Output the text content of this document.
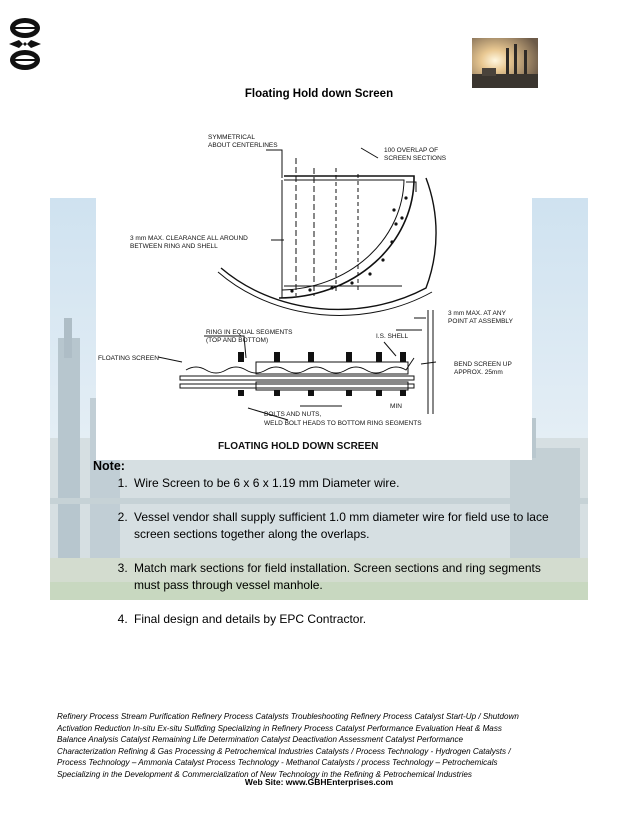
Floating Hold down Screen
SYMMETRICAL
ABOUT CENTERLINES
100 OVERLAP OF
SCREEN SECTIONS
3 mm MAX. CLEARANCE ALL AROUND
BETWEEN RING AND SHELL
3 mm MAX. AT ANY
POINT AT ASSEMBLY
RING IN EQUAL SEGMENTS
(TOP AND BOTTOM)
I.S. SHELL
FLOATING SCREEN
BEND SCREEN UP
APPROX. 25mm
MIN
BOLTS AND NUTS,
WELD BOLT HEADS TO BOTTOM RING SEGMENTS
FLOATING HOLD DOWN SCREEN

Note:

1. Wire Screen to be 6 x 6 x 1.19 mm Diameter wire.
2. Vessel vendor shall supply sufficient 1.0 mm diameter wire for field use to lace screen sections together along the overlaps.
3. Match mark sections for field installation. Screen sections and ring segments must pass through vessel manhole.
4. Final design and details by EPC Contractor.
Refinery Process Stream Purification Refinery Process Catalysts Troubleshooting Refinery Process Catalyst Start-Up / Shutdown
Activation Reduction In-situ Ex-situ Sulfiding Specializing in Refinery Process Catalyst Performance Evaluation Heat & Mass
Balance Analysis Catalyst Remaining Life Determination Catalyst Deactivation Assessment Catalyst Performance
Characterization Refining & Gas Processing & Petrochemical Industries Catalysts / Process Technology - Hydrogen Catalysts /
Process Technology – Ammonia Catalyst Process Technology - Methanol Catalysts / process Technology – Petrochemicals
Specializing in the Development & Commercialization of New Technology in the Refining & Petrochemical Industries
Web Site: www.GBHEnterprises.com
